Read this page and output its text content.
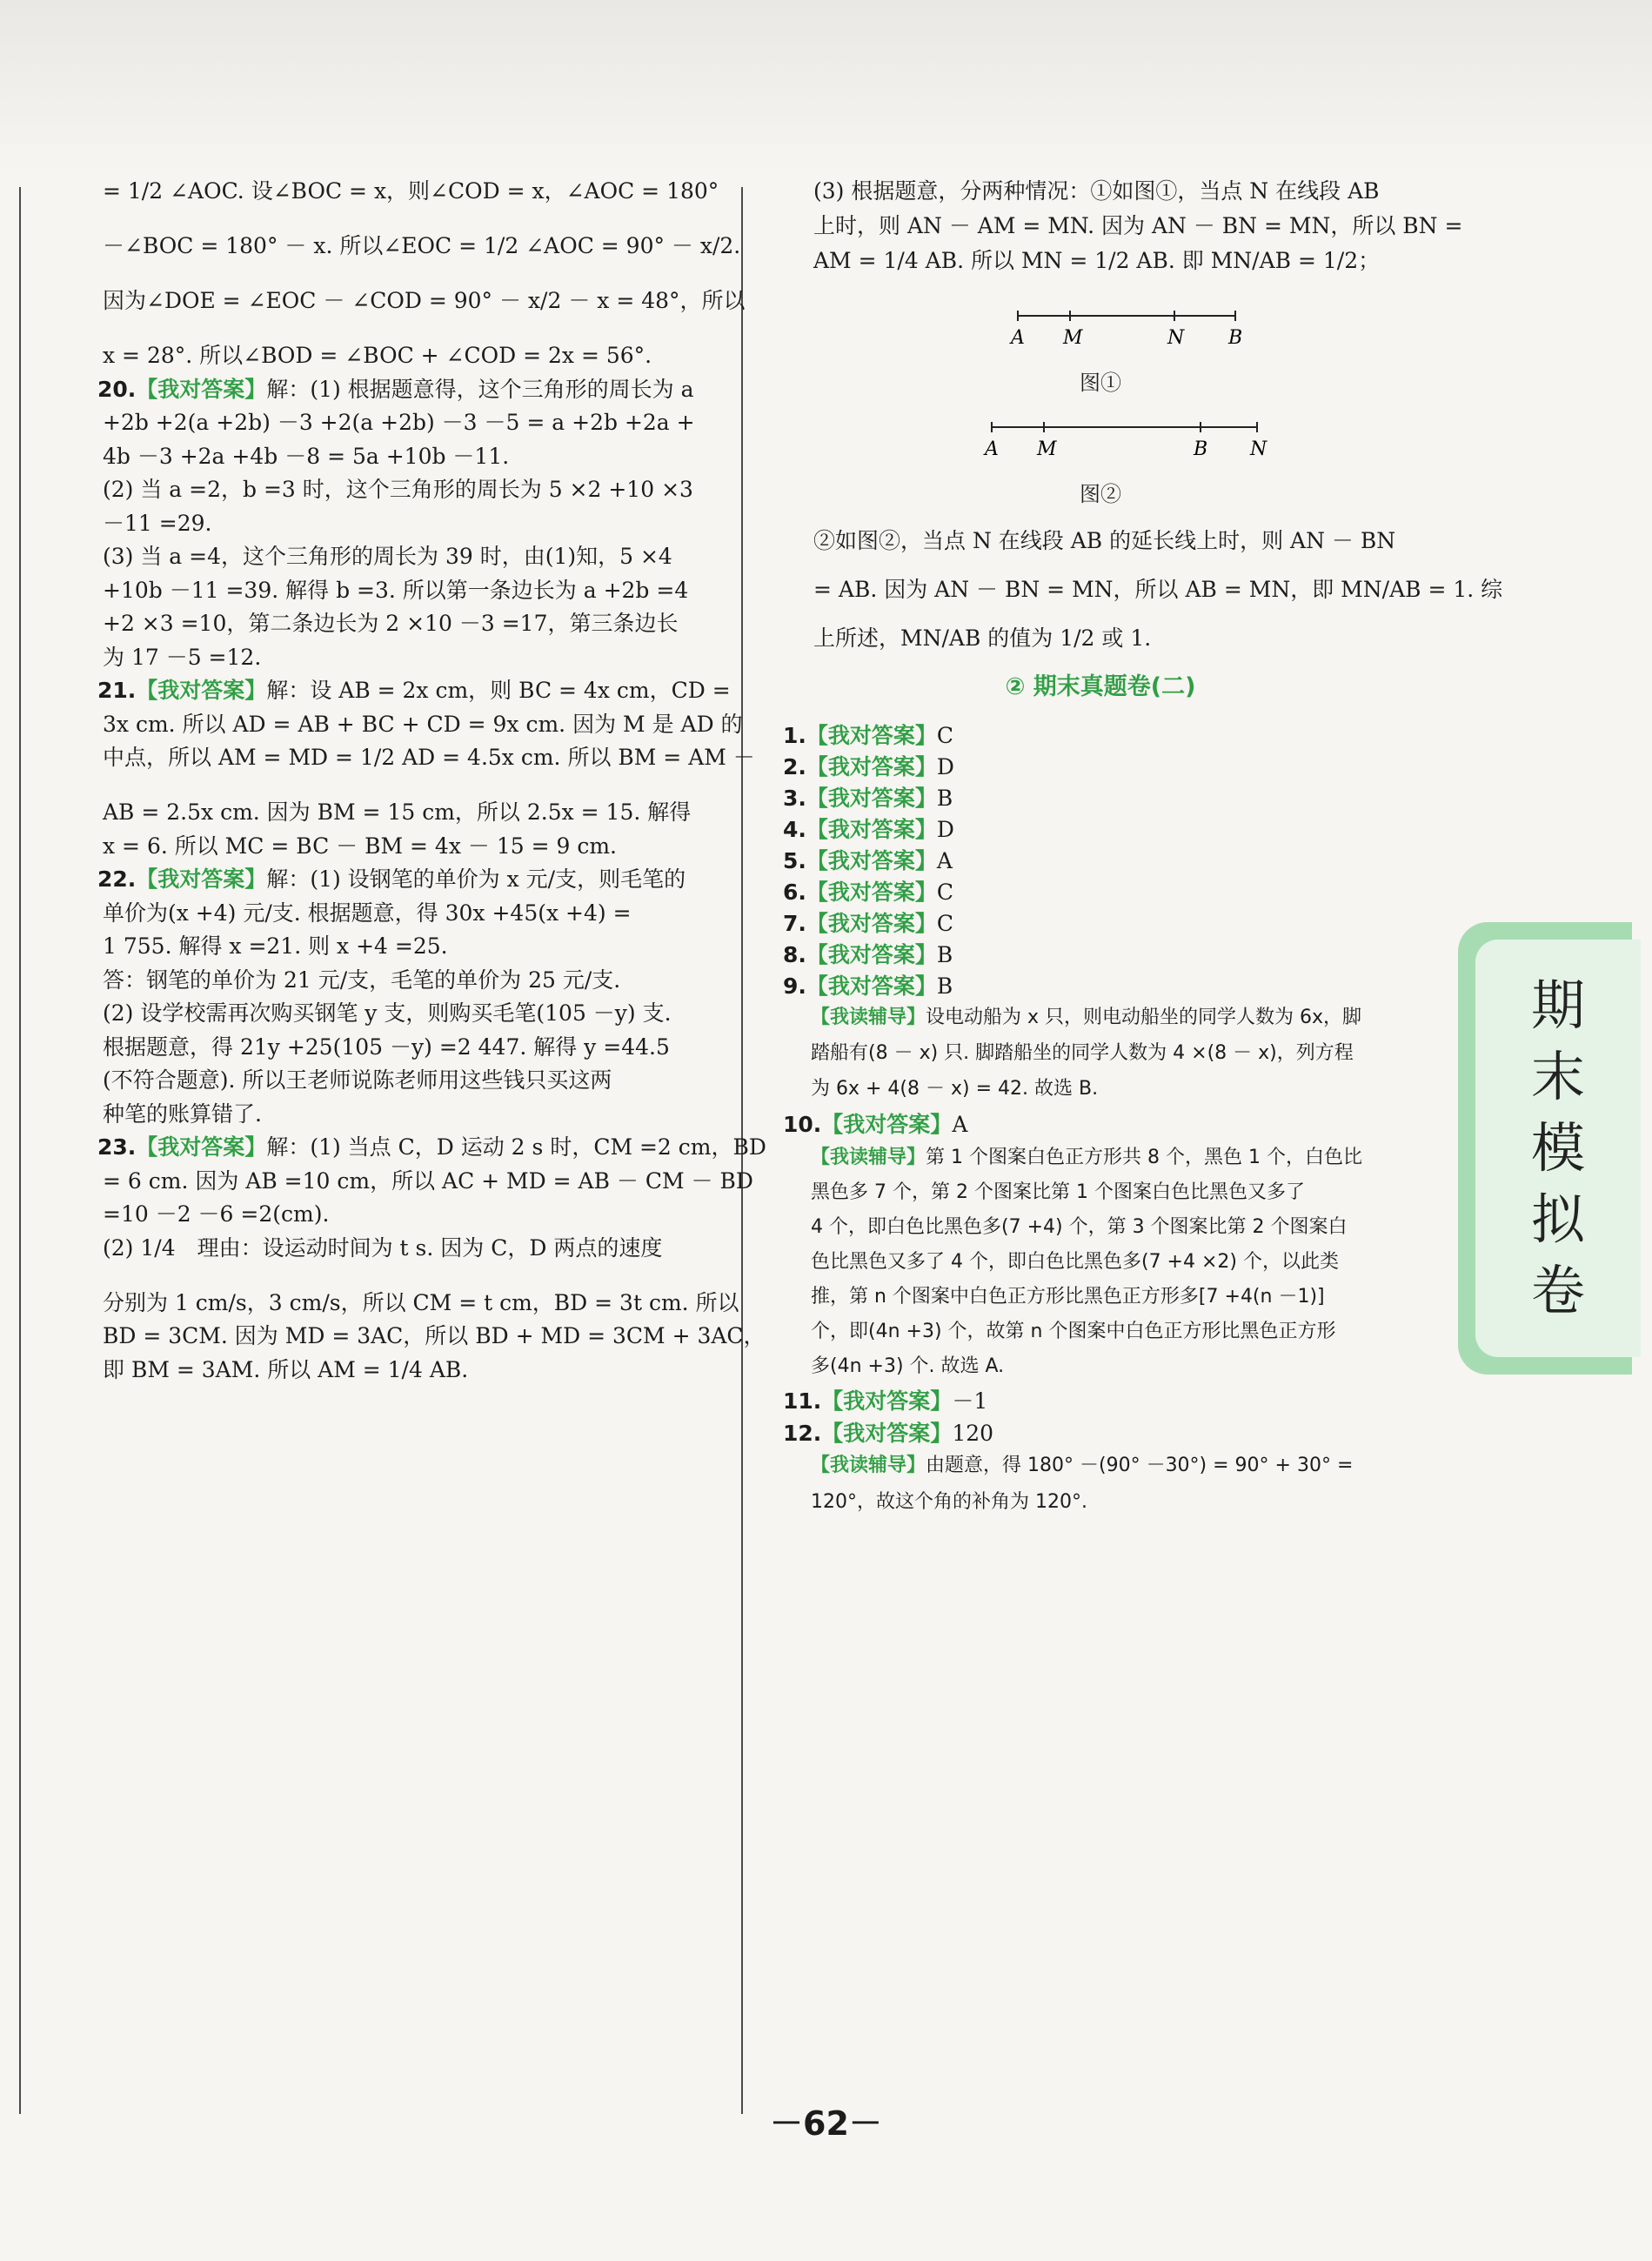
= 1/2 ∠AOC. 设∠BOC = x，则∠COD = x，∠AOC = 180°

－∠BOC = 180° － x. 所以∠EOC = 1/2 ∠AOC = 90° － x/2.

因为∠DOE = ∠EOC － ∠COD = 90° － x/2 － x = 48°，所以

x = 28°. 所以∠BOD = ∠BOC + ∠COD = 2x = 56°.

20.【我对答案】解：(1) 根据题意得，这个三角形的周长为 a

+2b +2(a +2b) －3 +2(a +2b) －3 －5 = a +2b +2a +

4b －3 +2a +4b －8 = 5a +10b －11.

(2) 当 a =2，b =3 时，这个三角形的周长为 5 ×2 +10 ×3

－11 =29.

(3) 当 a =4，这个三角形的周长为 39 时，由(1)知，5 ×4

+10b －11 =39. 解得 b =3. 所以第一条边长为 a +2b =4

+2 ×3 =10，第二条边长为 2 ×10 －3 =17，第三条边长

为 17 －5 =12.

21.【我对答案】解：设 AB = 2x cm，则 BC = 4x cm，CD =

3x cm. 所以 AD = AB + BC + CD = 9x cm. 因为 M 是 AD 的

中点，所以 AM = MD = 1/2 AD = 4.5x cm. 所以 BM = AM －

AB = 2.5x cm. 因为 BM = 15 cm，所以 2.5x = 15. 解得

x = 6. 所以 MC = BC － BM = 4x － 15 = 9 cm.

22.【我对答案】解：(1) 设钢笔的单价为 x 元/支，则毛笔的

单价为(x +4) 元/支. 根据题意，得 30x +45(x +4) =

1 755. 解得 x =21. 则 x +4 =25.

答：钢笔的单价为 21 元/支，毛笔的单价为 25 元/支.

(2) 设学校需再次购买钢笔 y 支，则购买毛笔(105 －y) 支.

根据题意，得 21y +25(105 －y) =2 447. 解得 y =44.5

(不符合题意). 所以王老师说陈老师用这些钱只买这两

种笔的账算错了.

23.【我对答案】解：(1) 当点 C，D 运动 2 s 时，CM =2 cm，BD

= 6 cm. 因为 AB =10 cm，所以 AC + MD = AB － CM － BD

=10 －2 －6 =2(cm).

(2) 1/4　理由：设运动时间为 t s. 因为 C，D 两点的速度

分别为 1 cm/s，3 cm/s，所以 CM = t cm，BD = 3t cm. 所以

BD = 3CM. 因为 MD = 3AC，所以 BD + MD = 3CM + 3AC，

即 BM = 3AM. 所以 AM = 1/4 AB.

(3) 根据题意，分两种情况：①如图①，当点 N 在线段 AB

上时，则 AN － AM = MN. 因为 AN － BN = MN，所以 BN =

AM = 1/4 AB. 所以 MN = 1/2 AB. 即 MN/AB = 1/2；

A M	N B
图①
A M	B N
图②

②如图②，当点 N 在线段 AB 的延长线上时，则 AN － BN

= AB. 因为 AN － BN = MN，所以 AB = MN，即 MN/AB = 1. 综

上所述，MN/AB 的值为 1/2 或 1.

② 期末真题卷(二)

1.【我对答案】C

2.【我对答案】D

3.【我对答案】B

4.【我对答案】D

5.【我对答案】A

6.【我对答案】C

7.【我对答案】C

8.【我对答案】B

9.【我对答案】B

【我读辅导】设电动船为 x 只，则电动船坐的同学人数为 6x，脚

踏船有(8 － x) 只. 脚踏船坐的同学人数为 4 ×(8 － x)，列方程

为 6x + 4(8 － x) = 42. 故选 B.

10.【我对答案】A

【我读辅导】第 1 个图案白色正方形共 8 个，黑色 1 个，白色比

黑色多 7 个，第 2 个图案比第 1 个图案白色比黑色又多了

4 个，即白色比黑色多(7 +4) 个，第 3 个图案比第 2 个图案白

色比黑色又多了 4 个，即白色比黑色多(7 +4 ×2) 个，以此类

推，第 n 个图案中白色正方形比黑色正方形多[7 +4(n －1)]

个，即(4n +3) 个，故第 n 个图案中白色正方形比黑色正方形

多(4n +3) 个. 故选 A.

11.【我对答案】－1

12.【我对答案】120

【我读辅导】由题意，得 180° －(90° －30°) = 90° + 30° =

120°，故这个角的补角为 120°.

期
末
模
拟
卷
－62－
